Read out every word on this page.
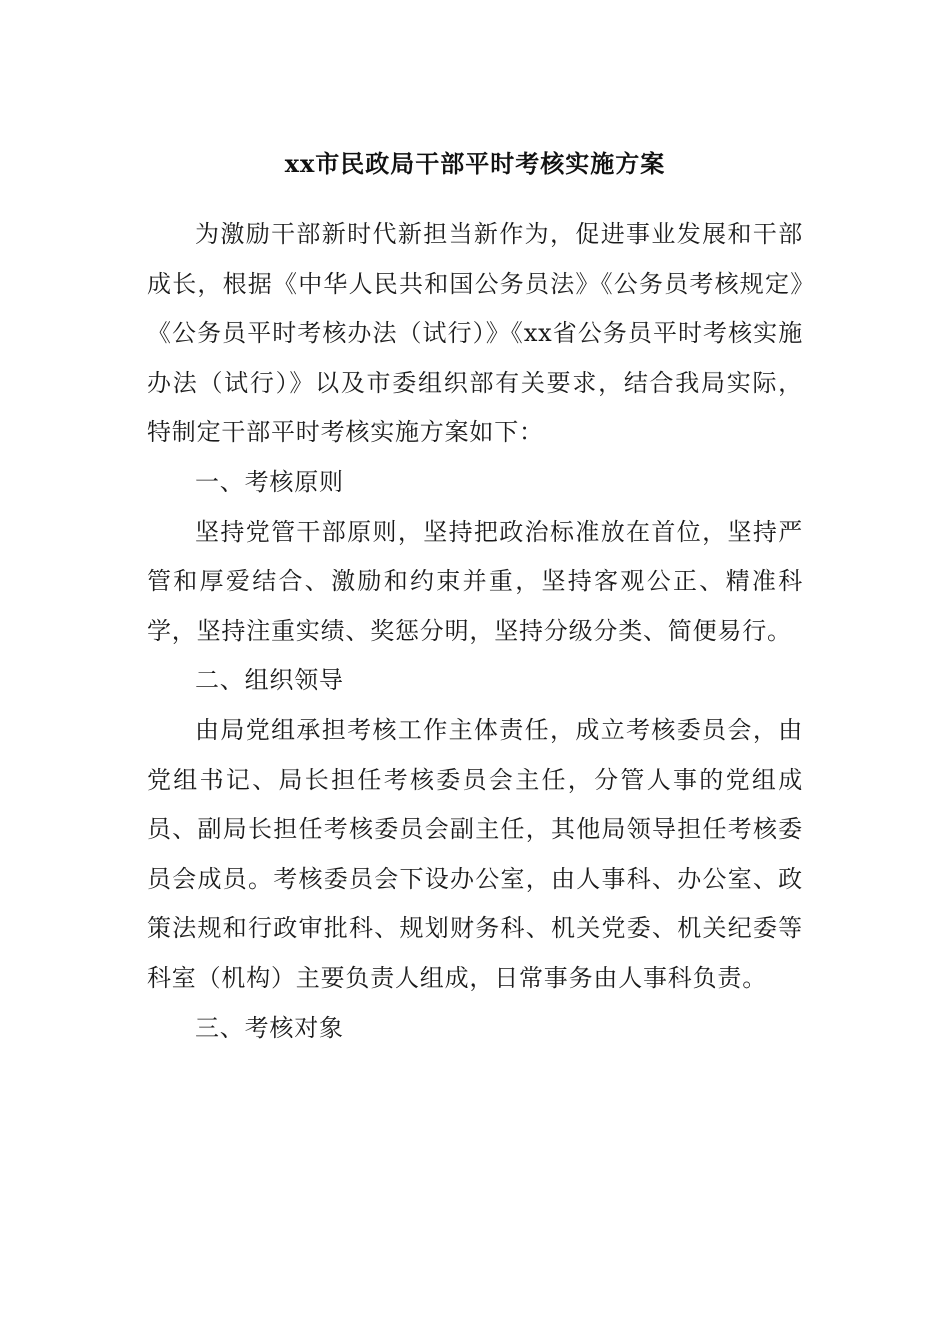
xx市民政局干部平时考核实施方案

为激励干部新时代新担当新作为，促进事业发展和干部成长，根据《中华人民共和国公务员法》《公务员考核规定》《公务员平时考核办法（试行）》《xx省公务员平时考核实施办法（试行）》以及市委组织部有关要求，结合我局实际，特制定干部平时考核实施方案如下：

一、考核原则

坚持党管干部原则，坚持把政治标准放在首位，坚持严管和厚爱结合、激励和约束并重，坚持客观公正、精准科学，坚持注重实绩、奖惩分明，坚持分级分类、简便易行。

二、组织领导

由局党组承担考核工作主体责任，成立考核委员会，由党组书记、局长担任考核委员会主任，分管人事的党组成员、副局长担任考核委员会副主任，其他局领导担任考核委员会成员。考核委员会下设办公室，由人事科、办公室、政策法规和行政审批科、规划财务科、机关党委、机关纪委等科室（机构）主要负责人组成，日常事务由人事科负责。

三、考核对象
